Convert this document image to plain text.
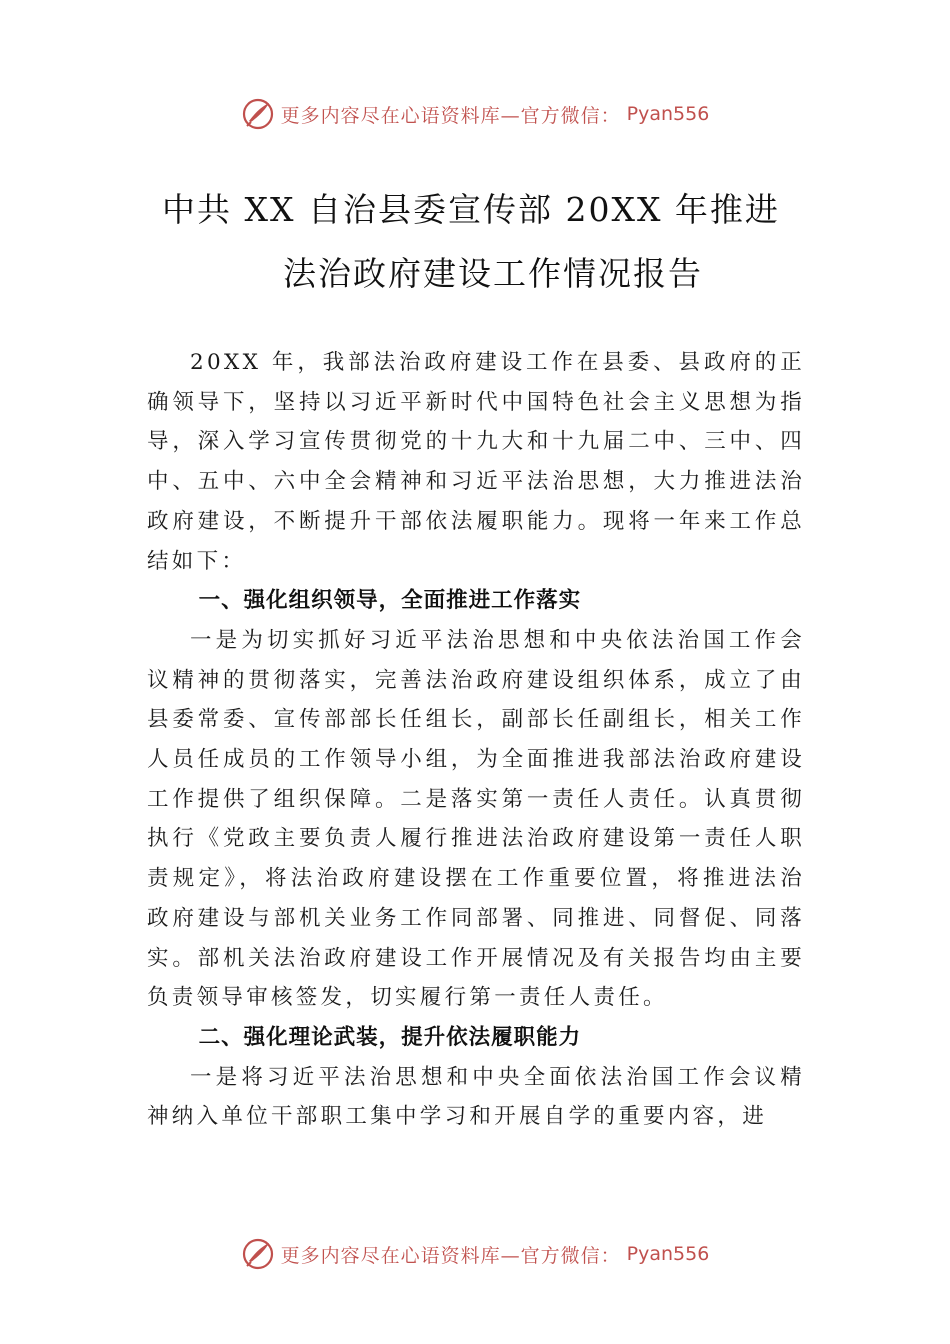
更多内容尽在心语资料库—官方微信： Pyan556
中共 XX 自治县委宣传部 20XX 年推进
法治政府建设工作情况报告

20XX 年，我部法治政府建设工作在县委、县政府的正确领导下，坚持以习近平新时代中国特色社会主义思想为指导，深入学习宣传贯彻党的十九大和十九届二中、三中、四中、五中、六中全会精神和习近平法治思想，大力推进法治政府建设，不断提升干部依法履职能力。现将一年来工作总结如下：

一、强化组织领导，全面推进工作落实

一是为切实抓好习近平法治思想和中央依法治国工作会议精神的贯彻落实，完善法治政府建设组织体系，成立了由县委常委、宣传部部长任组长，副部长任副组长，相关工作人员任成员的工作领导小组，为全面推进我部法治政府建设工作提供了组织保障。二是落实第一责任人责任。认真贯彻执行《党政主要负责人履行推进法治政府建设第一责任人职责规定》，将法治政府建设摆在工作重要位置，将推进法治政府建设与部机关业务工作同部署、同推进、同督促、同落实。部机关法治政府建设工作开展情况及有关报告均由主要负责领导审核签发，切实履行第一责任人责任。

二、强化理论武装，提升依法履职能力

一是将习近平法治思想和中央全面依法治国工作会议精神纳入单位干部职工集中学习和开展自学的重要内容，进

更多内容尽在心语资料库—官方微信： Pyan556
